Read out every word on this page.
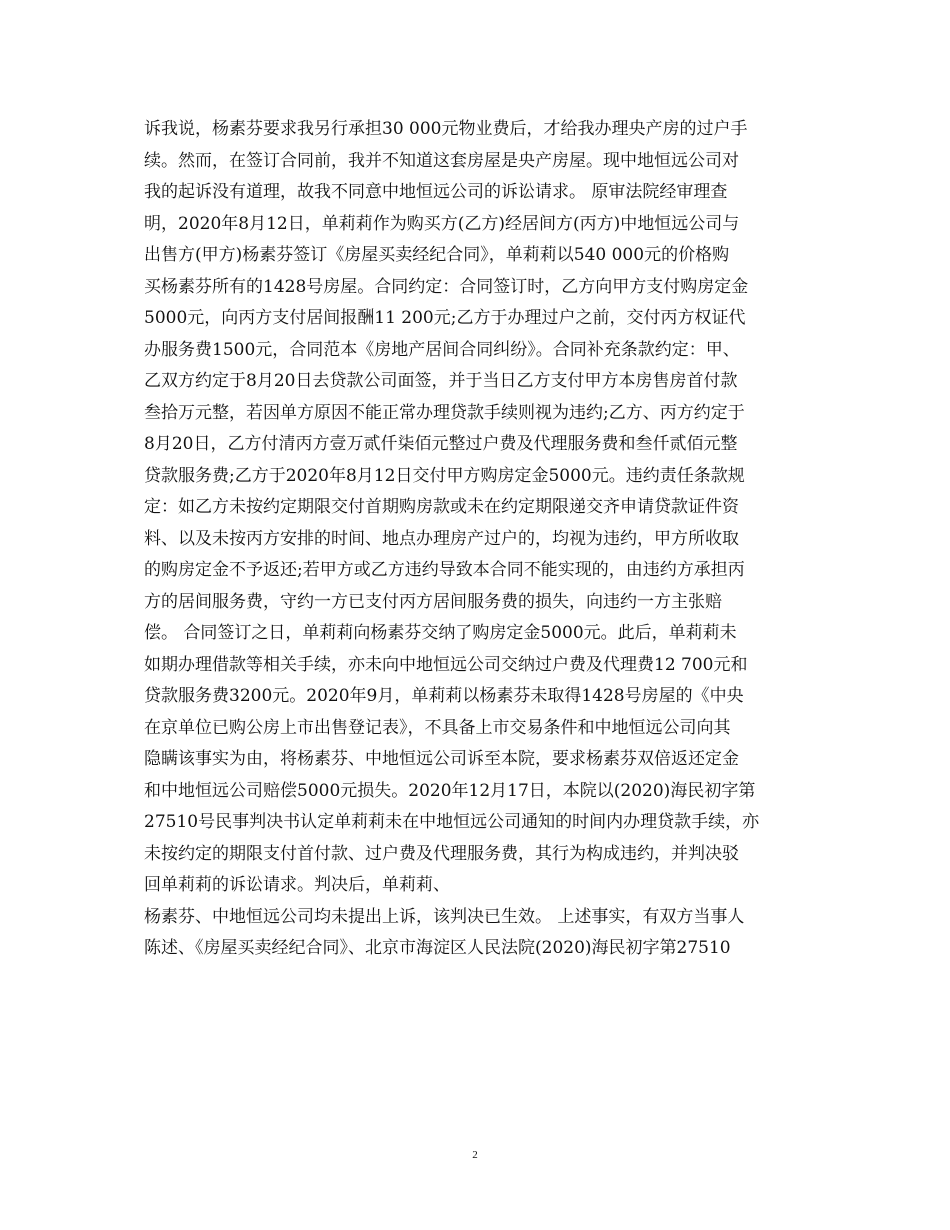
诉我说，杨素芬要求我另行承担30 000元物业费后，才给我办理央产房的过户手
续。然而，在签订合同前，我并不知道这套房屋是央产房屋。现中地恒远公司对
我的起诉没有道理，故我不同意中地恒远公司的诉讼请求。 原审法院经审理查
明，2020年8月12日，单莉莉作为购买方(乙方)经居间方(丙方)中地恒远公司与
出售方(甲方)杨素芬签订《房屋买卖经纪合同》，单莉莉以540 000元的价格购
买杨素芬所有的1428号房屋。合同约定：合同签订时，乙方向甲方支付购房定金
5000元，向丙方支付居间报酬11 200元;乙方于办理过户之前，交付丙方权证代
办服务费1500元，合同范本《房地产居间合同纠纷》。合同补充条款约定：甲、
乙双方约定于8月20日去贷款公司面签，并于当日乙方支付甲方本房售房首付款
叁拾万元整，若因单方原因不能正常办理贷款手续则视为违约;乙方、丙方约定于
8月20日，乙方付清丙方壹万贰仟柒佰元整过户费及代理服务费和叁仟贰佰元整
贷款服务费;乙方于2020年8月12日交付甲方购房定金5000元。违约责任条款规
定：如乙方未按约定期限交付首期购房款或未在约定期限递交齐申请贷款证件资
料、以及未按丙方安排的时间、地点办理房产过户的，均视为违约，甲方所收取
的购房定金不予返还;若甲方或乙方违约导致本合同不能实现的，由违约方承担丙
方的居间服务费，守约一方已支付丙方居间服务费的损失，向违约一方主张赔
偿。 合同签订之日，单莉莉向杨素芬交纳了购房定金5000元。此后，单莉莉未
如期办理借款等相关手续，亦未向中地恒远公司交纳过户费及代理费12 700元和
贷款服务费3200元。2020年9月，单莉莉以杨素芬未取得1428号房屋的《中央
在京单位已购公房上市出售登记表》，不具备上市交易条件和中地恒远公司向其
隐瞒该事实为由，将杨素芬、中地恒远公司诉至本院，要求杨素芬双倍返还定金
和中地恒远公司赔偿5000元损失。2020年12月17日，本院以(2020)海民初字第
27510号民事判决书认定单莉莉未在中地恒远公司通知的时间内办理贷款手续，亦
未按约定的期限支付首付款、过户费及代理服务费，其行为构成违约，并判决驳
回单莉莉的诉讼请求。判决后，单莉莉、
杨素芬、中地恒远公司均未提出上诉，该判决已生效。 上述事实，有双方当事人
陈述、《房屋买卖经纪合同》、北京市海淀区人民法院(2020)海民初字第27510
2
